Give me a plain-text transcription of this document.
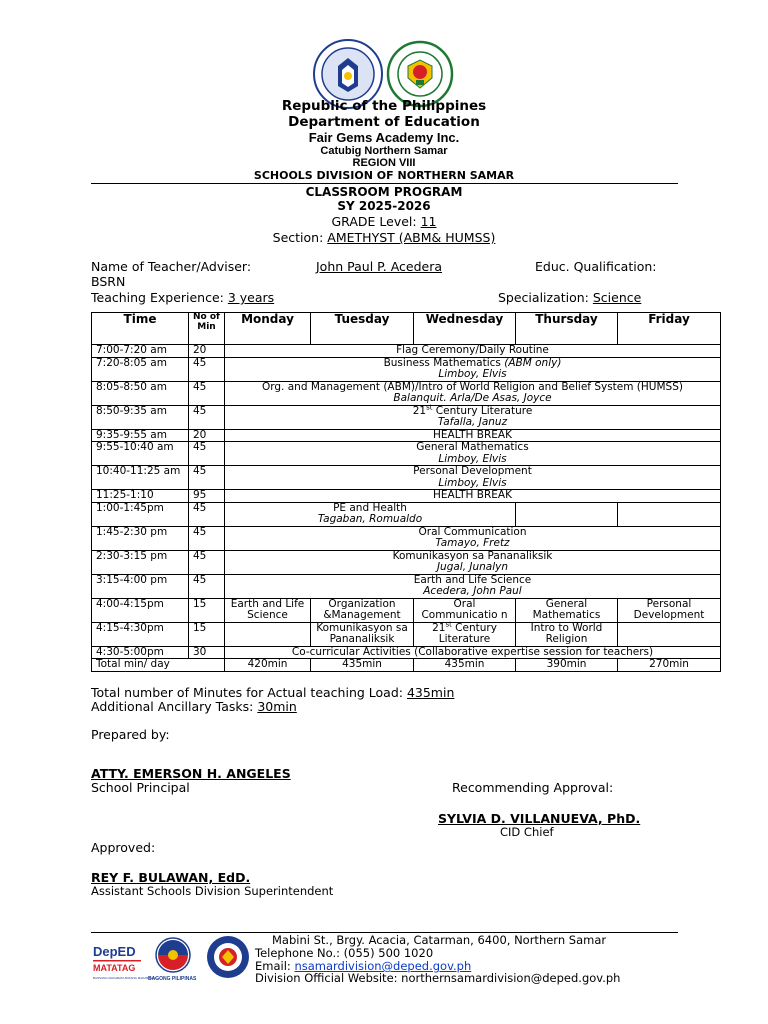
Republic of the Philippines
Department of Education
Fair Gems Academy Inc.
Catubig Northern Samar
REGION VIII
SCHOOLS DIVISION OF NORTHERN SAMAR
CLASSROOM PROGRAM
SY 2025-2026
GRADE Level: 11
Section: AMETHYST (ABM& HUMSS)
Name of Teacher/Adviser:	John Paul P. Acedera	Educ. Qualification:
BSRN
Teaching Experience: 3 years	Specialization: Science
Time	No of Min	Monday	Tuesday	Wednesday	Thursday	Friday
7:00-7:20 am	20	Flag Ceremony/Daily Routine				
7:20-8:05 am	45	Business Mathematics (ABM only)
Limboy, Elvis				
8:05-8:50 am	45	Org. and Management (ABM)/Intro of World Religion and Belief System (HUMSS)
Balanquit. Arla/De Asas, Joyce				
8:50-9:35 am	45	21st Century Literature
Tafalla, Januz				
9:35-9:55 am	20	HEALTH BREAK				
9:55-10:40 am	45	General Mathematics
Limboy, Elvis				
10:40-11:25 am	45	Personal Development
Limboy, Elvis				
11:25-1:10	95	HEALTH BREAK				
1:00-1:45pm	45	PE and Health
Tagaban, Romualdo				
1:45-2:30 pm	45	Oral Communication
Tamayo, Fretz				
2:30-3:15 pm	45	Komunikasyon sa Pananaliksik
Jugal, Junalyn				
3:15-4:00 pm	45	Earth and Life Science
Acedera, John Paul				
4:00-4:15pm	15	Earth and Life Science	Organization &Management	Oral Communicatio n	General Mathematics	Personal Development
4:15-4:30pm	15		Komunikasyon sa Pananaliksik	21st Century Literature	Intro to World Religion	
4:30-5:00pm	30	Co-curricular Activities (Collaborative expertise session for teachers)				
Total min/ day		420min	435min	435min	390min	270min
Total number of Minutes for Actual teaching Load: 435min
Additional Ancillary Tasks: 30min
Prepared by:
ATTY. EMERSON H. ANGELES
School Principal	Recommending Approval:
SYLVIA D. VILLANUEVA, PhD.
CID Chief
Approved:
REY F. BULAWAN, EdD.
Assistant Schools Division Superintendent
DepED
MATATAG
BANSANG MAKABATA BATANG MAKABANSA
BAGONG PILIPINAS
Mabini St., Brgy. Acacia, Catarman, 6400, Northern Samar
Telephone No.: (055) 500 1020
Email: nsamardivision@deped.gov.ph
Division Official Website: northernsamardivision@deped.gov.ph
